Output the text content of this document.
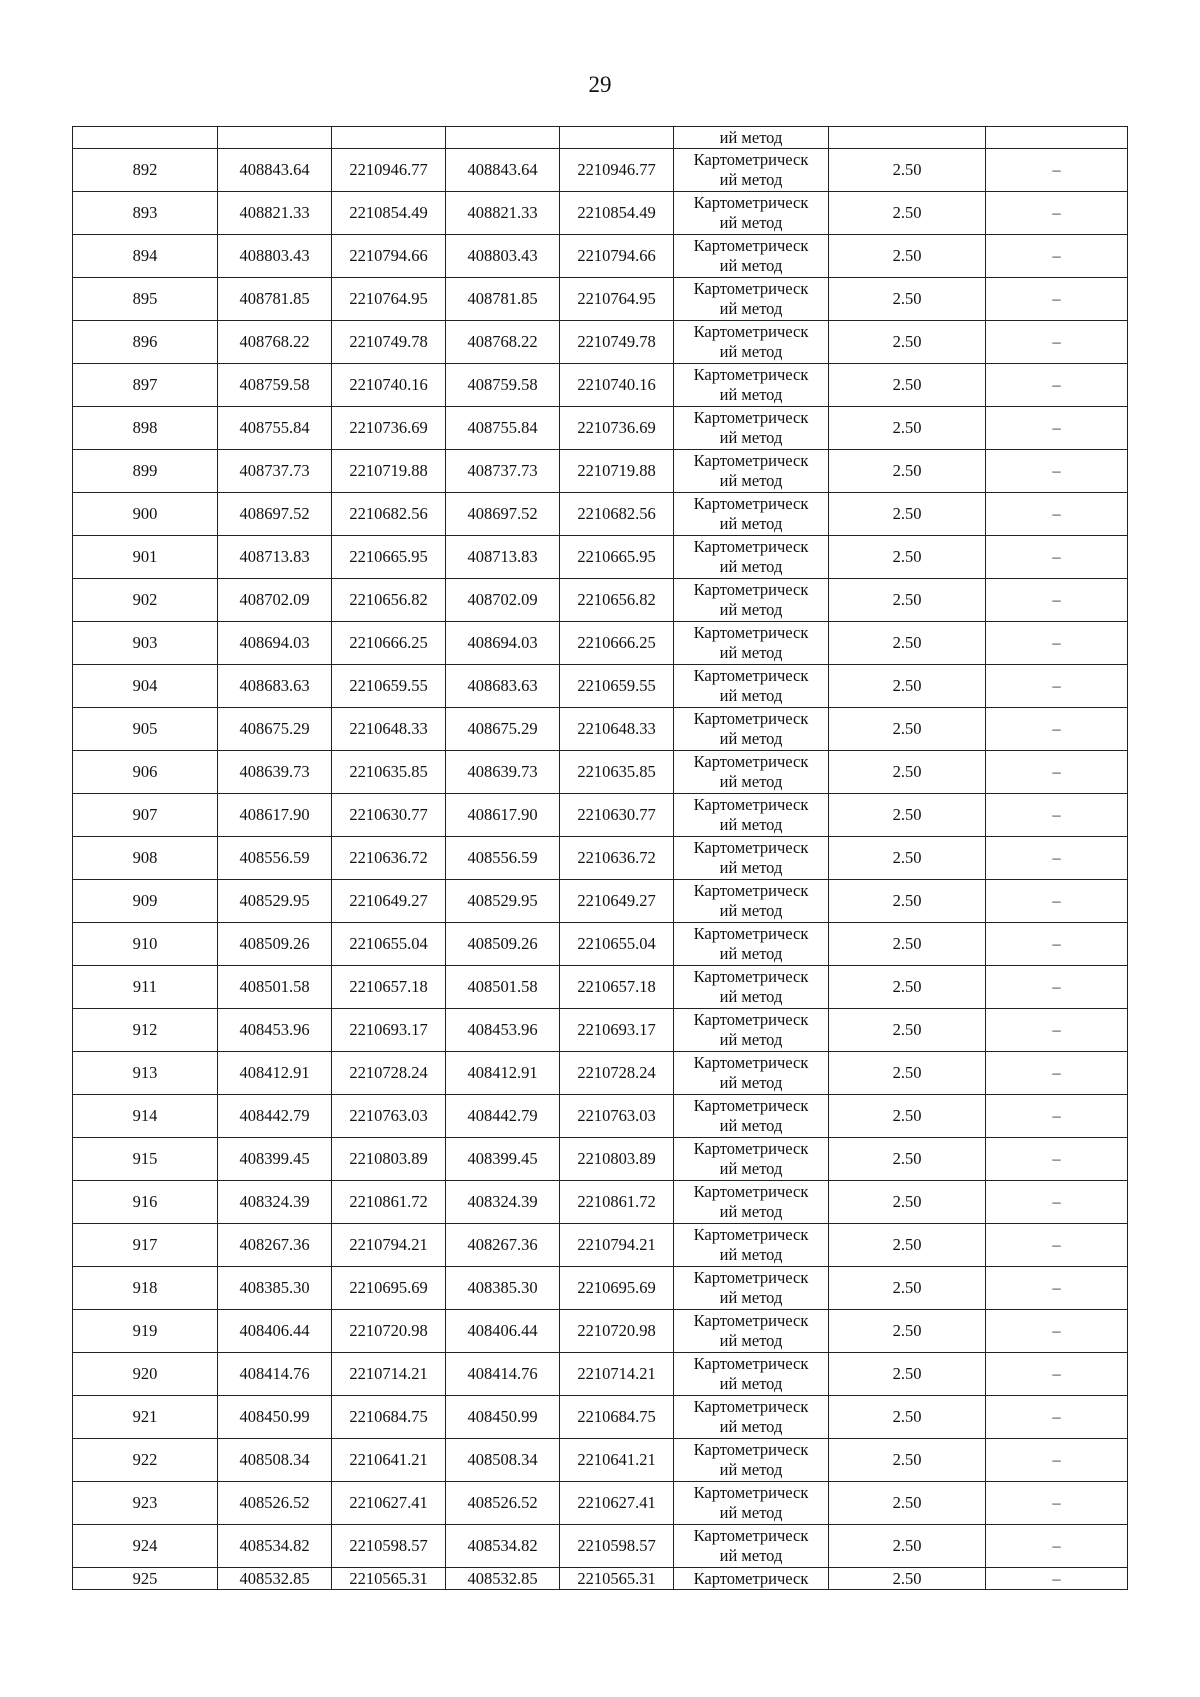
29
					ий метод		
892	408843.64	2210946.77	408843.64	2210946.77	Картометрическ
ий метод	2.50	–
893	408821.33	2210854.49	408821.33	2210854.49	Картометрическ
ий метод	2.50	–
894	408803.43	2210794.66	408803.43	2210794.66	Картометрическ
ий метод	2.50	–
895	408781.85	2210764.95	408781.85	2210764.95	Картометрическ
ий метод	2.50	–
896	408768.22	2210749.78	408768.22	2210749.78	Картометрическ
ий метод	2.50	–
897	408759.58	2210740.16	408759.58	2210740.16	Картометрическ
ий метод	2.50	–
898	408755.84	2210736.69	408755.84	2210736.69	Картометрическ
ий метод	2.50	–
899	408737.73	2210719.88	408737.73	2210719.88	Картометрическ
ий метод	2.50	–
900	408697.52	2210682.56	408697.52	2210682.56	Картометрическ
ий метод	2.50	–
901	408713.83	2210665.95	408713.83	2210665.95	Картометрическ
ий метод	2.50	–
902	408702.09	2210656.82	408702.09	2210656.82	Картометрическ
ий метод	2.50	–
903	408694.03	2210666.25	408694.03	2210666.25	Картометрическ
ий метод	2.50	–
904	408683.63	2210659.55	408683.63	2210659.55	Картометрическ
ий метод	2.50	–
905	408675.29	2210648.33	408675.29	2210648.33	Картометрическ
ий метод	2.50	–
906	408639.73	2210635.85	408639.73	2210635.85	Картометрическ
ий метод	2.50	–
907	408617.90	2210630.77	408617.90	2210630.77	Картометрическ
ий метод	2.50	–
908	408556.59	2210636.72	408556.59	2210636.72	Картометрическ
ий метод	2.50	–
909	408529.95	2210649.27	408529.95	2210649.27	Картометрическ
ий метод	2.50	–
910	408509.26	2210655.04	408509.26	2210655.04	Картометрическ
ий метод	2.50	–
911	408501.58	2210657.18	408501.58	2210657.18	Картометрическ
ий метод	2.50	–
912	408453.96	2210693.17	408453.96	2210693.17	Картометрическ
ий метод	2.50	–
913	408412.91	2210728.24	408412.91	2210728.24	Картометрическ
ий метод	2.50	–
914	408442.79	2210763.03	408442.79	2210763.03	Картометрическ
ий метод	2.50	–
915	408399.45	2210803.89	408399.45	2210803.89	Картометрическ
ий метод	2.50	–
916	408324.39	2210861.72	408324.39	2210861.72	Картометрическ
ий метод	2.50	–
917	408267.36	2210794.21	408267.36	2210794.21	Картометрическ
ий метод	2.50	–
918	408385.30	2210695.69	408385.30	2210695.69	Картометрическ
ий метод	2.50	–
919	408406.44	2210720.98	408406.44	2210720.98	Картометрическ
ий метод	2.50	–
920	408414.76	2210714.21	408414.76	2210714.21	Картометрическ
ий метод	2.50	–
921	408450.99	2210684.75	408450.99	2210684.75	Картометрическ
ий метод	2.50	–
922	408508.34	2210641.21	408508.34	2210641.21	Картометрическ
ий метод	2.50	–
923	408526.52	2210627.41	408526.52	2210627.41	Картометрическ
ий метод	2.50	–
924	408534.82	2210598.57	408534.82	2210598.57	Картометрическ
ий метод	2.50	–
925	408532.85	2210565.31	408532.85	2210565.31	Картометрическ	2.50	–
